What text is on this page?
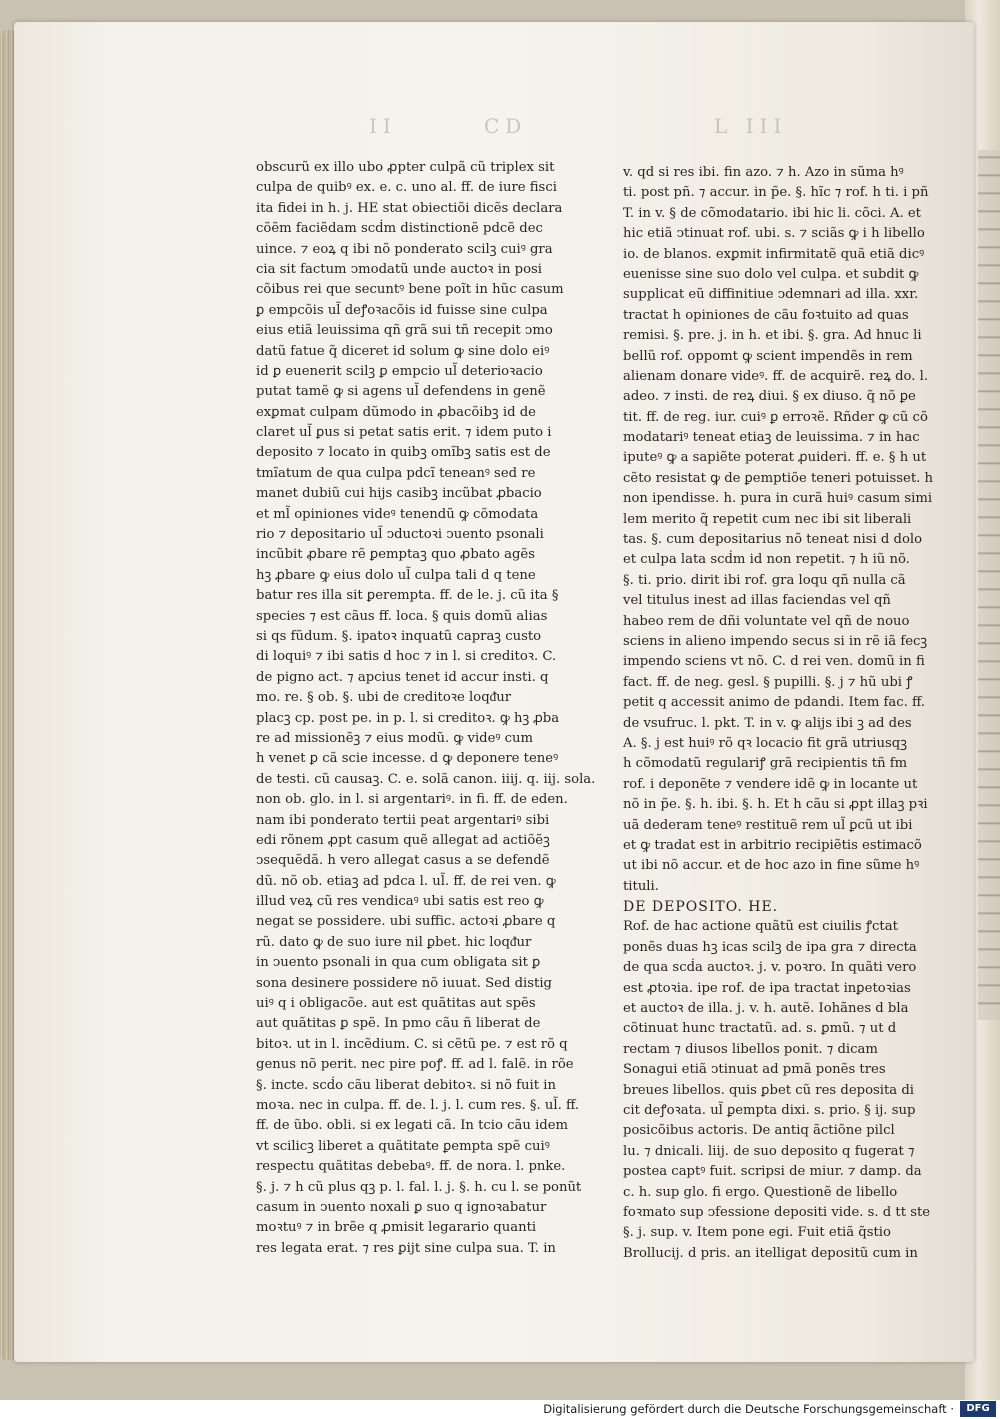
CD
II	L III
obscurũ ex illo ubo ꝓpter culpã cũ triplex sit
culpa de quibꝰ ex. e. c. uno al. ff. de iure fisci
ita fidei in h. j. HE stat obiectiõi dicẽs declara
cõẽm faciẽdam scḋm distinctionẽ pdcẽ dec
uince. ⁊ eoꝝ q ibi nõ ponderato scilꝫ cuiꝰ gra
cia sit factum ↄmodatũ unde auctoꝛ in posi
cõibus rei que secuntꝰ bene poĩt in hũc casum
ꝑ empcõis ul̃ deꝭoꝛacõis id fuisse sine culpa
eius etiã leuissima qñ grã sui tñ recepit ↄmo
datũ fatue q̃ diceret id solum ꝙ sine dolo eiꝰ
id ꝑ euenerit scilꝫ ꝑ empcio ul̃ deterioꝛacio
putat tamẽ ꝙ si agens ul̃ defendens in genẽ
exꝑmat culpam dũmodo in ꝓbacõibꝫ id de
claret ul̃ ꝑus si petat satis erit. ⁊ idem puto i
deposito ⁊ locato in quibꝫ omĩbꝫ satis est de
tmĩatum de qua culpa pdcĩ teneanꝰ sed re
manet dubiũ cui hijs casibꝫ incũbat ꝓbacio
et ml̃ opiniones videꝰ tenendũ ꝙ cõmodata
rio ⁊ depositario ul̃ ↄductoꝛi ↄuento psonali
incũbit ꝓbare rẽ ꝑemptaꝫ quo ꝓbato agẽs
hꝫ ꝓbare ꝙ eius dolo ul̃ culpa tali d q tene
batur res illa sit ꝑerempta. ff. de le. j. cũ ita §
species ⁊ est cãus ff. loca. § quis domũ alias
si qs fũdum. §. ipatoꝛ inquatũ capraꝫ custo
di loquiꝰ ⁊ ibi satis d hoc ⁊ in l. si creditoꝛ. C.
de pigno act. ⁊ apcius tenet id accur insti. q
mo. re. § ob. §. ubi de creditoꝛe loqᵭur
placꝫ cp. post pe. in p. l. si creditoꝛ. ꝙ hꝫ ꝓba
re ad missionẽꝫ ⁊ eius modũ. ꝙ videꝰ cum
h venet ꝑ cã scie incesse. d ꝙ deponere teneꝰ
de testi. cũ causaꝫ. C. e. solã canon. iiij. q. iij. sola.
non ob. glo. in l. si argentariꝰ. in fi. ff. de eden.
nam ibi ponderato tertii peat argentariꝰ sibi
edi rõnem ꝓpt casum quẽ allegat ad actiõẽꝫ
ↄsequẽdã. h vero allegat casus a se defendẽ
dũ. nõ ob. etiaꝫ ad pdca l. ul̃. ff. de rei ven. ꝙ
illud veꝝ cũ res vendicaꝰ ubi satis est reo ꝙ
negat se possidere. ubi suffic. actoꝛi ꝓbare q
rũ. dato ꝙ de suo iure nil ꝑbet. hic loqᵭur
in ↄuento psonali in qua cum obligata sit ꝑ
sona desinere possidere nõ iuuat. Sed distig
uiꝰ q i obligacõe. aut est quãtitas aut spẽs
aut quãtitas ꝑ spẽ. In pmo cãu ñ liberat de
bitoꝛ. ut in l. incẽdium. C. si cẽtũ pe. ⁊ est rõ q
genus nõ perit. nec pire poꝭ. ff. ad l. falẽ. in rõe
§. incte. scḋo cãu liberat debitoꝛ. si nõ fuit in
moꝛa. nec in culpa. ff. de. l. j. l. cum res. §. ul̃. ff.
ff. de ũbo. obli. si ex legati cã. In tcio cãu idem
vt scilicꝫ liberet a quãtitate ꝑempta spẽ cuiꝰ
respectu quãtitas debebaꝰ. ff. de nora. l. pnke.
§. j. ⁊ h cũ plus qꝫ p. l. fal. l. j. §. h. cu l. se ponũt
casum in ↄuento noxali ꝑ suo q ignoꝛabatur
moꝛtuꝰ ⁊ in brẽe q ꝓmisit legarario quanti
res legata erat. ⁊ res ꝑijt sine culpa sua. T. in
v. qd si res ibi. fin azo. ⁊ h. Azo in sũma hꝰ
ti. post pñ. ⁊ accur. in p̃e. §. hĩc ⁊ rof. h ti. i pñ
T. in v. § de cõmodatario. ibi hic li. cõci. A. et
hic etiã ↄtinuat rof. ubi. s. ⁊ sciãs ꝙ i h libello
io. de blanos. exꝑmit infirmitatẽ quã etiã dicꝰ
euenisse sine suo dolo vel culpa. et subdit ꝙ
supplicat eũ diffinitiue ↄdemnari ad illa. xxr.
tractat h opiniones de cãu foꝛtuito ad quas
remisi. §. pre. j. in h. et ibi. §. gra. Ad hnuc li
bellũ rof. oppomt ꝙ scient impendẽs in rem
alienam donare videꝰ. ff. de acquirẽ. reꝝ do. l.
adeo. ⁊ insti. de reꝝ diui. § ex diuso. q̃ nõ ꝑe
tit. ff. de reg. iur. cuiꝰ ꝑ erroꝛẽ. Rñder ꝙ cũ cõ
modatariꝰ teneat etiaꝫ de leuissima. ⁊ in hac
iputeꝰ ꝙ a sapiẽte poterat ꝓuideri. ff. e. § h ut
cẽto resistat ꝙ de ꝑemptiõe teneri potuisset. h
non ipendisse. h. pura in curã huiꝰ casum simi
lem merito q̃ repetit cum nec ibi sit liberali
tas. §. cum depositarius nõ teneat nisi d dolo
et culpa lata scḋm id non repetit. ⁊ h iũ nõ.
§. ti. prio. dirit ibi rof. gra loqu qñ nulla cã
vel titulus inest ad illas faciendas vel qñ
habeo rem de dñi voluntate vel qñ de nouo
sciens in alieno impendo secus si in rẽ iã fecꝫ
impendo sciens vt nõ. C. d rei ven. domũ in fi
fact. ff. de neg. gesl. § pupilli. §. j ⁊ hũ ubi ꝭ
petit q accessit animo de pdandi. Item fac. ff.
de vsufruc. l. pkt. T. in v. ꝙ alijs ibi ꝫ ad des
A. §. j est huiꝰ rõ qꝛ locacio fit grã utriusqꝫ
h cõmodatũ regulariꝭ grã recipientis tñ fm
rof. i deponẽte ⁊ vendere idẽ ꝙ in locante ut
nõ in p̃e. §. h. ibi. §. h. Et h cãu si ꝓpt illaꝫ pꝛi
uã dederam teneꝰ restituẽ rem ul̃ ꝑcũ ut ibi
et ꝙ tradat est in arbitrio recipiẽtis estimacõ
ut ibi nõ accur. et de hoc azo in fine sũme hꝰ
tituli.
DE DEPOSITO. HE.
Rof. de hac actione quãtũ est ciuilis ꝭctat
ponẽs duas hꝫ icas scilꝫ de ipa gra ⁊ directa
de qua scḋa auctoꝛ. j. v. poꝛro. In quãti vero
est ꝓtoꝛia. ipe rof. de ipa tractat inꝑetoꝛias
et auctoꝛ de illa. j. v. h. autẽ. Iohãnes d bla
cõtinuat hunc tractatũ. ad. s. ꝑmũ. ⁊ ut d
rectam ⁊ diusos libellos ponit. ⁊ dicam
Sonagui etiã ↄtinuat ad pmã ponẽs tres
breues libellos. quis ꝑbet cũ res deposita di
cit deꝭoꝛata. ul̃ ꝑempta dixi. s. prio. § ij. sup
posicõibus actoris. De antiq ãctiõne pilcl
lu. ⁊ dnicali. liij. de suo deposito q fugerat ⁊
postea captꝰ fuit. scripsi de miur. ⁊ damp. da
c. h. sup glo. fi ergo. Questionẽ de libello
foꝛmato sup ↄfessione depositi vide. s. d tt ste
§. j. sup. v. Item pone egi. Fuit etiã q̃stio
Brollucij. d pris. an itelligat depositũ cum in
Digitalisierung gefördert durch die Deutsche Forschungsgemeinschaft ·	DFG
